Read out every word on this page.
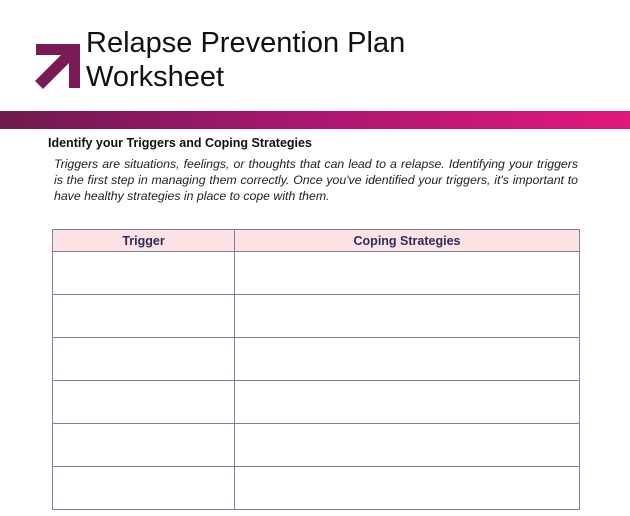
Relapse Prevention Plan
Worksheet
Identify your Triggers and Coping Strategies

Triggers are situations, feelings, or thoughts that can lead to a relapse. Identifying your triggers is the first step in managing them correctly. Once you've identified your triggers, it's important to have healthy strategies in place to cope with them.

Trigger	Coping Strategies
